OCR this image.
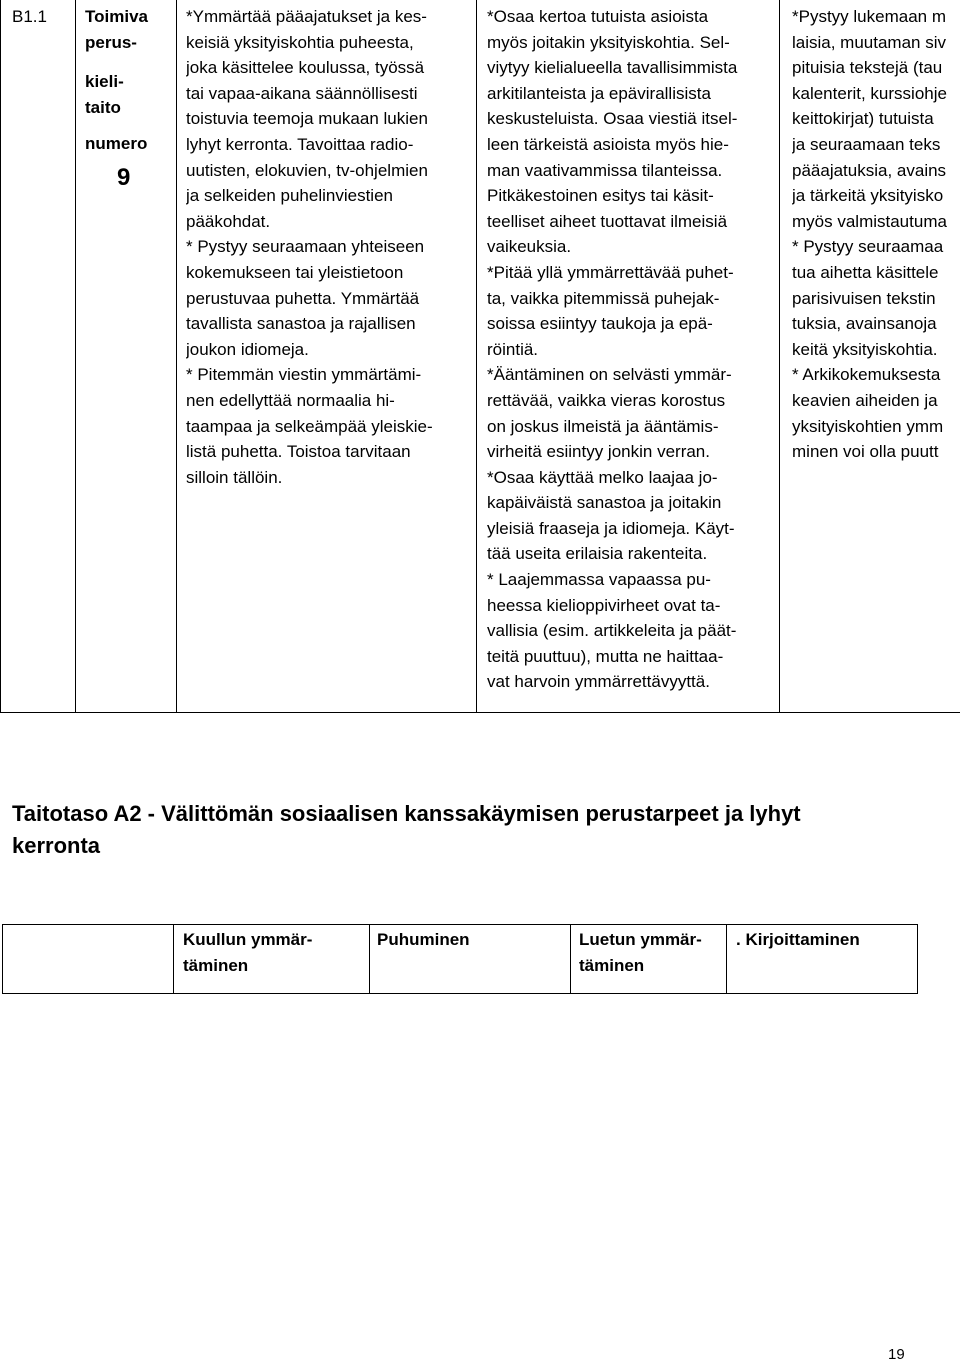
B1.1	Toimiva
perus-
kieli-
taito
numero
9
*Ymmärtää pääajatukset ja kes-
keisiä yksityiskohtia puheesta,
joka käsittelee koulussa, työssä
tai vapaa-aikana säännöllisesti
toistuvia teemoja mukaan lukien
lyhyt kerronta. Tavoittaa radio-
uutisten, elokuvien, tv-ohjelmien
ja selkeiden puhelinviestien
pääkohdat.
* Pystyy seuraamaan yhteiseen
kokemukseen tai yleistietoon
perustuvaa puhetta. Ymmärtää
tavallista sanastoa ja rajallisen
joukon idiomeja.
* Pitemmän viestin ymmärtämi-
nen edellyttää normaalia hi-
taampaa ja selkeämpää yleiskie-
listä puhetta. Toistoa tarvitaan
silloin tällöin.
*Osaa kertoa tutuista asioista
myös joitakin yksityiskohtia. Sel-
viytyy kielialueella tavallisimmista
arkitilanteista ja epävirallisista
keskusteluista. Osaa viestiä itsel-
leen tärkeistä asioista myös hie-
man vaativammissa tilanteissa.
Pitkäkestoinen esitys tai käsit-
teelliset aiheet tuottavat ilmeisiä
vaikeuksia.
*Pitää yllä ymmärrettävää puhet-
ta, vaikka pitemmissä puhejak-
soissa esiintyy taukoja ja epä-
röintiä.
*Ääntäminen on selvästi ymmär-
rettävää, vaikka vieras korostus
on joskus ilmeistä ja ääntämis-
virheitä esiintyy jonkin verran.
*Osaa käyttää melko laajaa jo-
kapäiväistä sanastoa ja joitakin
yleisiä fraaseja ja idiomeja. Käyt-
tää useita erilaisia rakenteita.
* Laajemmassa vapaassa pu-
heessa kielioppivirheet ovat ta-
vallisia (esim. artikkeleita ja päät-
teitä puuttuu), mutta ne haittaa-
vat harvoin ymmärrettävyyttä.
*Pystyy lukemaan m
laisia, muutaman siv
pituisia tekstejä (tau
kalenterit, kurssiohje
keittokirjat) tutuista
ja seuraamaan teks
pääajatuksia, avains
ja tärkeitä yksityisko
myös valmistautuma
* Pystyy seuraamaa
tua aihetta käsittele
parisivuisen tekstin
tuksia, avainsanoja
keitä yksityiskohtia.
* Arkikokemuksesta
keavien aiheiden ja
yksityiskohtien ymm
minen voi olla puutt
Taitotaso A2 - Välittömän sosiaalisen kanssakäymisen perustarpeet ja lyhyt
kerronta
Kuullun ymmär-
täminen
Puhuminen	Luetun ymmär-
täminen
. Kirjoittaminen
19
